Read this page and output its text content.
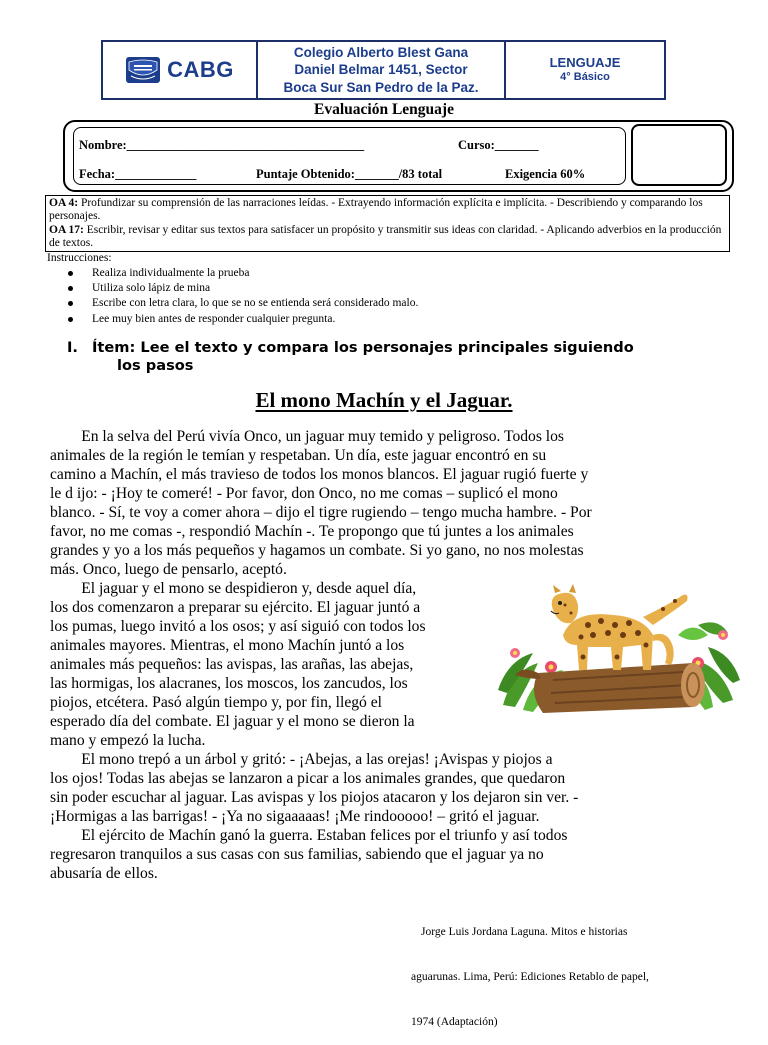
CABG
Colegio Alberto Blest Gana
Daniel Belmar 1451, Sector
Boca Sur San Pedro de la Paz.
LENGUAJE
4° Básico
Evaluación Lenguaje
Nombre:______________________________________	Curso:_______
Fecha:_____________	Puntaje Obtenido:_______/83 total	Exigencia 60%

OA 4: Profundizar su comprensión de las narraciones leídas. - Extrayendo información explícita e implícita. - Describiendo y comparando los personajes.

OA 17: Escribir, revisar y editar sus textos para satisfacer un propósito y transmitir sus ideas con claridad. - Aplicando adverbios en la producción de textos.

Instrucciones:
Realiza individualmente la prueba
Utiliza solo lápiz de mina
Escribe con letra clara, lo que se no se entienda será considerado malo.
Lee muy bien antes de responder cualquier pregunta.
I. Ítem: Lee el texto y compara los personajes principales siguiendo
los pasos
El mono Machín y el Jaguar.
En la selva del Perú vivía Onco, un jaguar muy temido y peligroso. Todos los
animales de la región le temían y respetaban. Un día, este jaguar encontró en su
camino a Machín, el más travieso de todos los monos blancos. El jaguar rugió fuerte y
le d ijo: - ¡Hoy te comeré! - Por favor, don Onco, no me comas – suplicó el mono
blanco. - Sí, te voy a comer ahora – dijo el tigre rugiendo – tengo mucha hambre. - Por
favor, no me comas -, respondió Machín -. Te propongo que tú juntes a los animales
grandes y yo a los más pequeños y hagamos un combate. Si yo gano, no nos molestas
más. Onco, luego de pensarlo, aceptó.
El jaguar y el mono se despidieron y, desde aquel día,
los dos comenzaron a preparar su ejército. El jaguar juntó a
los pumas, luego invitó a los osos; y así siguió con todos los
animales mayores. Mientras, el mono Machín juntó a los
animales más pequeños: las avispas, las arañas, las abejas,
las hormigas, los alacranes, los moscos, los zancudos, los
piojos, etcétera. Pasó algún tiempo y, por fin, llegó el
esperado día del combate. El jaguar y el mono se dieron la
mano y empezó la lucha.
El mono trepó a un árbol y gritó: - ¡Abejas, a las orejas! ¡Avispas y piojos a
los ojos! Todas las abejas se lanzaron a picar a los animales grandes, que quedaron
sin poder escuchar al jaguar. Las avispas y los piojos atacaron y los dejaron sin ver. -
¡Hormigas a las barrigas! - ¡Ya no sigaaaaas! ¡Me rindooooo! – gritó el jaguar.
El ejército de Machín ganó la guerra. Estaban felices por el triunfo y así todos
regresaron tranquilos a sus casas con sus familias, sabiendo que el jaguar ya no
abusaría de ellos.

Jorge Luis Jordana Laguna. Mitos e historias

aguarunas. Lima, Perú: Ediciones Retablo de papel,

1974 (Adaptación)
